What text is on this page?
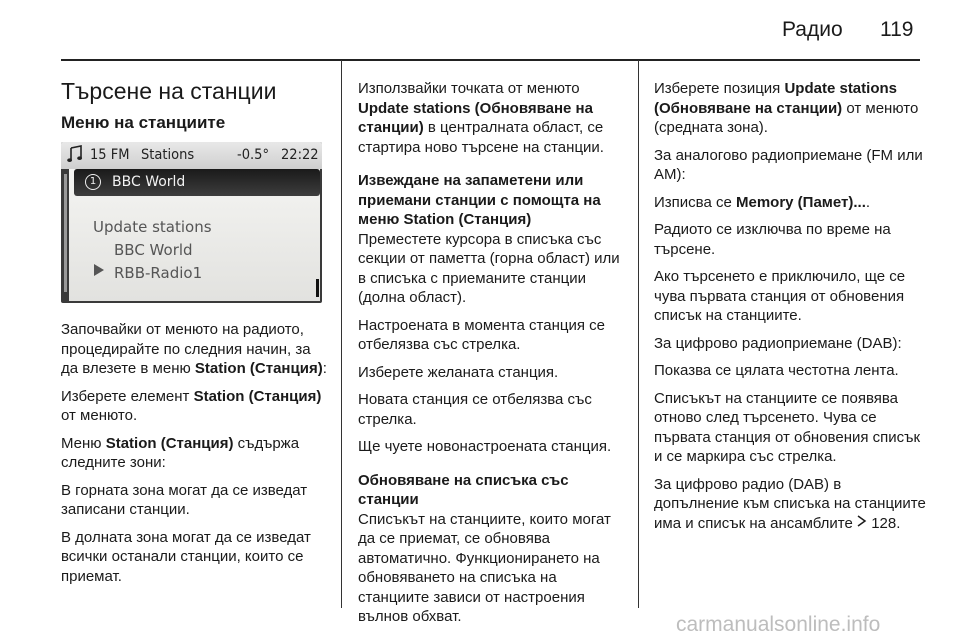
Радио 119
Търсене на станции
Меню на станциите
15 FM Stations	-0.5° 22:22
1	BBC World
Update stations
BBC World
RBB-Radio1

Започвайки от менюто на радиото, процедирайте по следния начин, за да влезете в меню Station (Станция):

Изберете елемент Station (Станция) от менюто.

Меню Station (Станция) съдържа следните зони:

В горната зона могат да се изведат записани станции.

В долната зона могат да се изведат всички останали станции, които се приемат.

Използвайки точката от менюто Update stations (Обновяване на станции) в централната област, се стартира ново търсене на станции.

Извеждане на запаметени или приемани станции с помощта на меню Station (Станция)

Преместете курсора в списъка със секции от паметта (горна област) или в списъка с приеманите станции (долна област).

Настроената в момента станция се отбелязва със стрелка.

Изберете желаната станция.

Новата станция се отбелязва със стрелка.

Ще чуете новонастроената станция.

Обновяване на списъка със станции

Списъкът на станциите, които могат да се приемат, се обновява автоматично. Функционирането на обновяването на списъка на станциите зависи от настроения вълнов обхват.

Изберете позиция Update stations (Обновяване на станции) от менюто (средната зона).

За аналогово радиоприемане (FM или AM):

Изписва се Memory (Памет)....

Радиото се изключва по време на търсене.

Ако търсенето е приключило, ще се чува първата станция от обновения списък на станциите.

За цифрово радиоприемане (DAB):

Показва се цялата честотна лента.

Списъкът на станциите се появява отново след търсенето. Чува се първата станция от обновения списък и се маркира със стрелка.

За цифрово радио (DAB) в допълнение към списъка на станциите има и списък на ансамблите  128.

carmanualsonline.info
